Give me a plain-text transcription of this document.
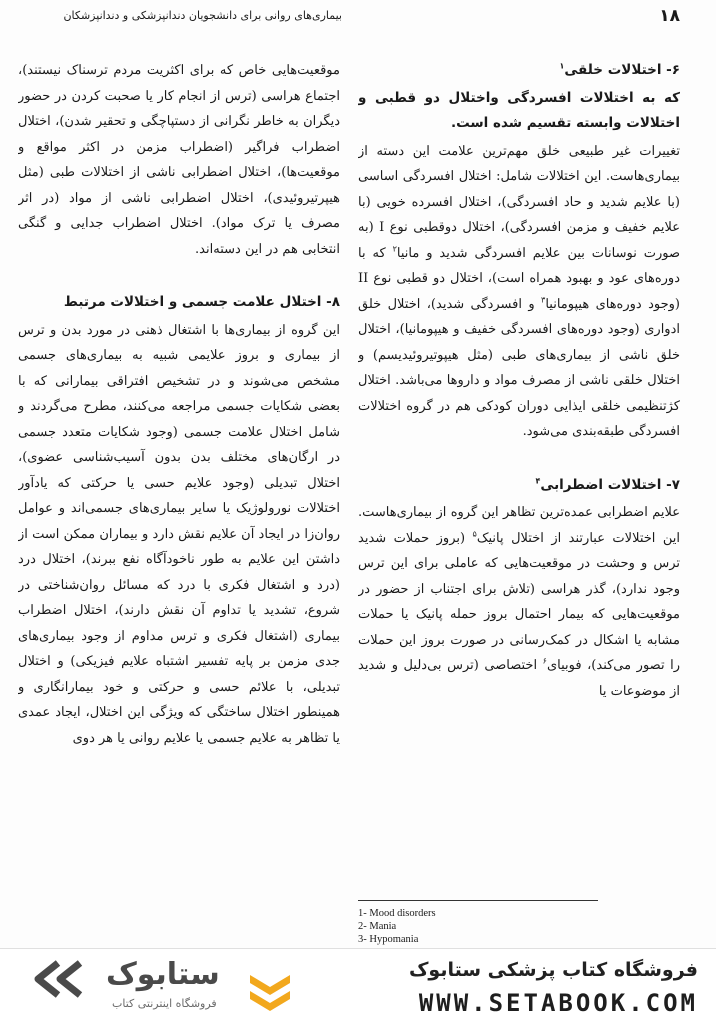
۱۸
بیماری‌های روانی برای دانشجویان دندانپزشکی و دندانپزشکان
۶- اختلالات خلقی$^۱$
که به اختلالات افسردگی واختلال دو قطبی و اختلالات وابسته تقسیم شده است.

تغییرات غیر طبیعی خلق مهم‌ترین علامت این دسته از بیماری‌هاست. این اختلالات شامل: اختلال افسردگی اساسی (با علایم شدید و حاد افسردگی)، اختلال افسرده خویی (با علایم خفیف و مزمن افسردگی)، اختلال دوقطبی نوع I (به صورت نوسانات بین علایم افسردگی شدید و مانیا$^۲$ که با دوره‌های عود و بهبود همراه است)، اختلال دو قطبی نوع II (وجود دوره‌های هیپومانیا$^۳$ و افسردگی شدید)، اختلال خلق ادواری (وجود دوره‌های افسردگی خفیف و هیپومانیا)، اختلال خلق ناشی از بیماری‌های طبی (مثل هیپوتیروئیدیسم) و اختلال خلقی ناشی از مصرف مواد و داروها می‌باشد. اختلال کژتنظیمی خلقی ایذایی دوران کودکی هم در گروه اختلالات افسردگی طبقه‌بندی می‌شود.

۷- اختلالات اضطرابی$^۴$

علایم اضطرابی عمده‌ترین تظاهر این گروه از بیماری‌هاست. این اختلالات عبارتند از اختلال پانیک$^۵$ (بروز حملات شدید ترس و وحشت در موقعیت‌هایی که عاملی برای این ترس وجود ندارد)، گذر هراسی (تلاش برای اجتناب از حضور در موقعیت‌هایی که بیمار احتمال بروز حمله پانیک یا حملات مشابه یا اشکال در کمک‌رسانی در صورت بروز این حملات را تصور می‌کند)، فوبیای$^۶$ اختصاصی (ترس بی‌دلیل و شدید از موضوعات یا

موقعیت‌هایی خاص که برای اکثریت مردم ترسناک نیستند)، اجتماع هراسی (ترس از انجام کار یا صحبت کردن در حضور دیگران به خاطر نگرانی از دستپاچگی و تحقیر شدن)، اختلال اضطراب فراگیر (اضطراب مزمن در اکثر مواقع و موقعیت‌ها)، اختلال اضطرابی ناشی از اختلالات طبی (مثل هیپرتیروئیدی)، اختلال اضطرابی ناشی از مواد (در اثر مصرف یا ترک مواد). اختلال اضطراب جدایی و گنگی انتخابی هم در این دسته‌اند.

۸- اختلال علامت جسمی و اختلالات مرتبط

این گروه از بیماری‌ها با اشتغال ذهنی در مورد بدن و ترس از بیماری و بروز علایمی شبیه به بیماری‌های جسمی مشخص می‌شوند و در تشخیص افتراقی بیمارانی که با بعضی شکایات جسمی مراجعه می‌کنند، مطرح می‌گردند و شامل اختلال علامت جسمی (وجود شکایات متعدد جسمی در ارگان‌های مختلف بدن بدون آسیب‌شناسی عضوی)، اختلال تبدیلی (وجود علایم حسی یا حرکتی که یادآور اختلالات نورولوژیک یا سایر بیماری‌های جسمی‌اند و عوامل روان‌زا در ایجاد آن علایم نقش دارد و بیماران ممکن است از داشتن این علایم به طور ناخودآگاه نفع ببرند)، اختلال درد (درد و اشتغال فکری با درد که مسائل روان‌شناختی در شروع، تشدید یا تداوم آن نقش دارند)، اختلال اضطراب بیماری (اشتغال فکری و ترس مداوم از وجود بیماری‌های جدی مزمن بر پایه تفسیر اشتباه علایم فیزیکی) و اختلال تبدیلی، با علائم حسی و حرکتی و خود بیمارانگاری و همینطور اختلال ساختگی که ویژگی این اختلال، ایجاد عمدی یا تظاهر به علایم جسمی یا علایم روانی یا هر دوی

1- Mood disorders
2- Mania
3- Hypomania
ستابوک
فروشگاه اینترنتی کتاب
فروشگاه کتاب پزشکی ستابوک
WWW.SETABOOK.COM
